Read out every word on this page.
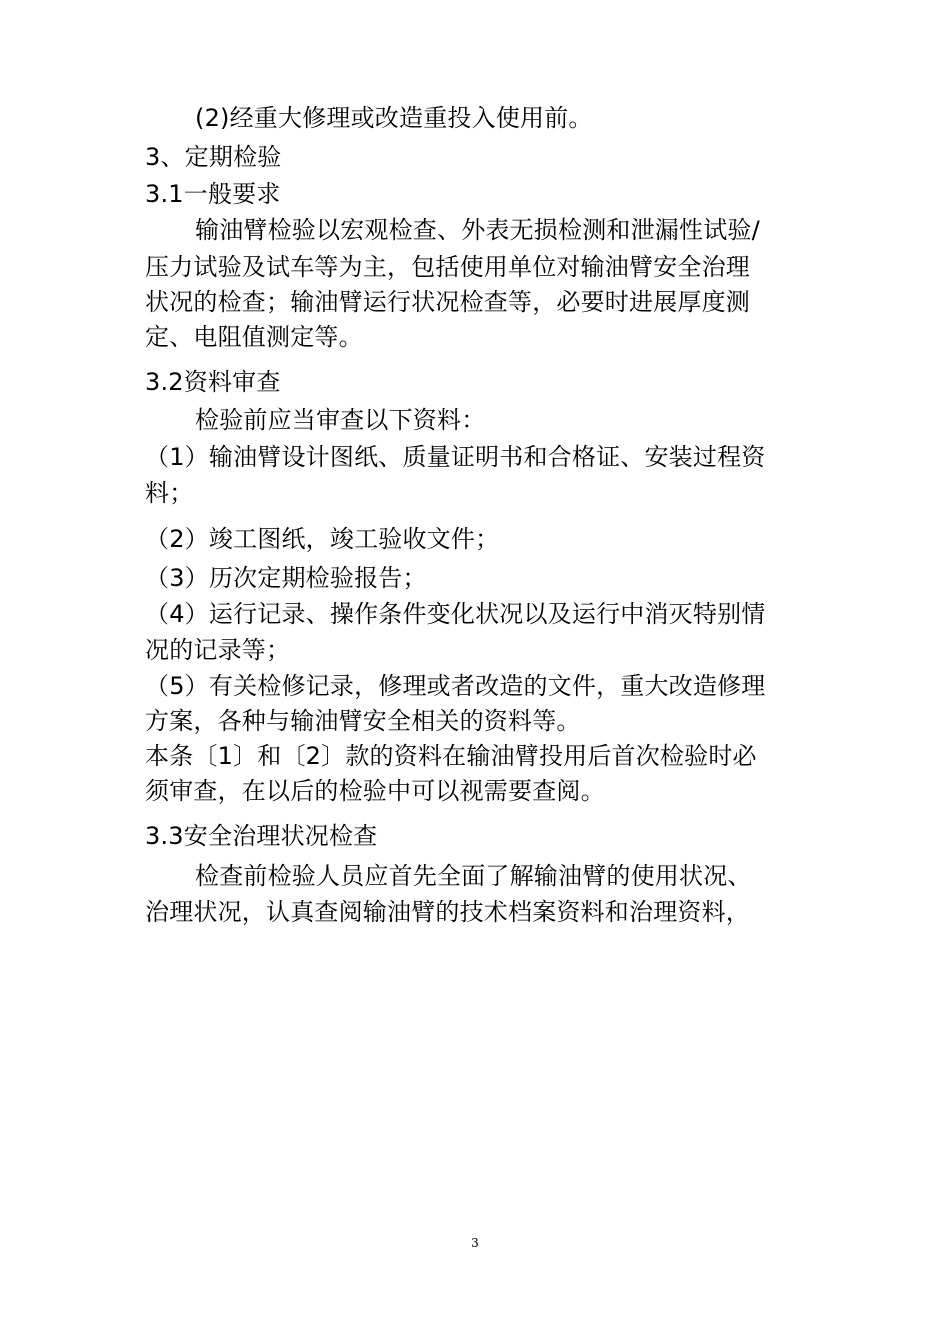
(2)经重大修理或改造重投入使用前。
3、定期检验
3.1一般要求
输油臂检验以宏观检查、外表无损检测和泄漏性试验/
压力试验及试车等为主，包括使用单位对输油臂安全治理
状况的检查；输油臂运行状况检查等，必要时进展厚度测
定、电阻值测定等。
3.2资料审查
检验前应当审查以下资料：
（1）输油臂设计图纸、质量证明书和合格证、安装过程资
料；
（2）竣工图纸，竣工验收文件；
（3）历次定期检验报告；
（4）运行记录、操作条件变化状况以及运行中消灭特别情
况的记录等；
（5）有关检修记录，修理或者改造的文件，重大改造修理
方案，各种与输油臂安全相关的资料等。
本条〔1〕和〔2〕款的资料在输油臂投用后首次检验时必
须审查，在以后的检验中可以视需要查阅。
3.3安全治理状况检查
检查前检验人员应首先全面了解输油臂的使用状况、
治理状况，认真查阅输油臂的技术档案资料和治理资料，
3
